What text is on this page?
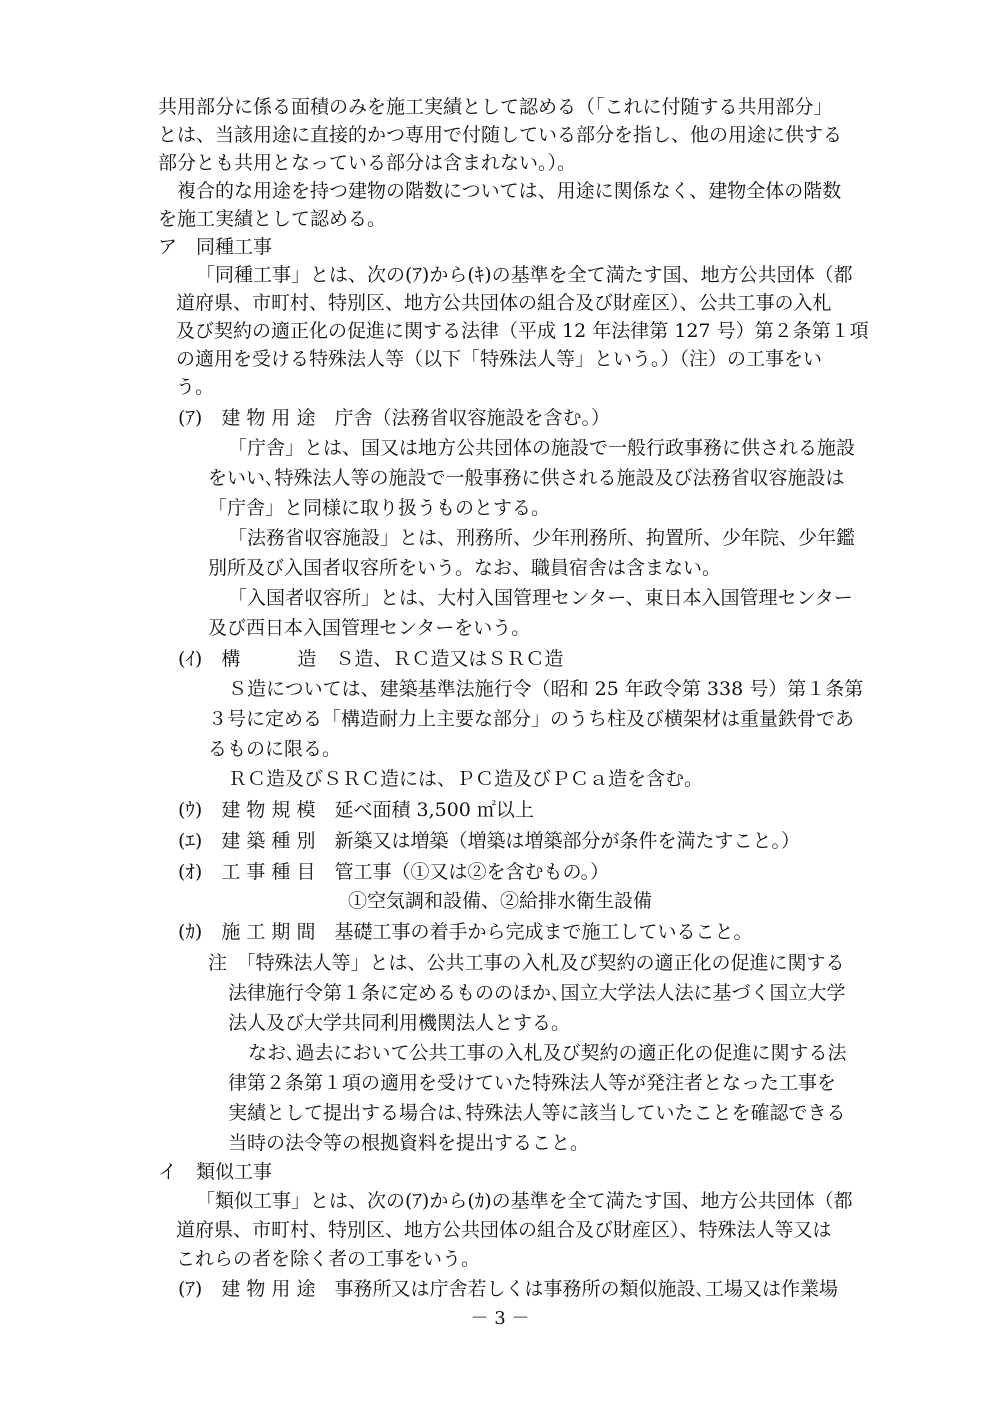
共用部分に係る面積のみを施工実績として認める（「これに付随する共用部分」
とは、当該用途に直接的かつ専用で付随している部分を指し、他の用途に供する
部分とも共用となっている部分は含まれない。）。
　複合的な用途を持つ建物の階数については、用途に関係なく、建物全体の階数
を施工実績として認める。
ア　同種工事
「同種工事」とは、次の(ｱ)から(ｷ)の基準を全て満たす国、地方公共団体（都
道府県、市町村、特別区、地方公共団体の組合及び財産区）、公共工事の入札
及び契約の適正化の促進に関する法律（平成 12 年法律第 127 号）第２条第１項
の適用を受ける特殊法人等（以下「特殊法人等」という。）（注）の工事をい
う。
(ｱ)　建 物 用 途　庁舎（法務省収容施設を含む。）
「庁舎」とは、国又は地方公共団体の施設で一般行政事務に供される施設
をいい､特殊法人等の施設で一般事務に供される施設及び法務省収容施設は
「庁舎」と同様に取り扱うものとする。
「法務省収容施設」とは、刑務所、少年刑務所、拘置所、少年院、少年鑑
別所及び入国者収容所をいう。なお、職員宿舎は含まない。
「入国者収容所」とは、大村入国管理センター、東日本入国管理センター
及び西日本入国管理センターをいう。
(ｲ)　構　　　造　Ｓ造、ＲＣ造又はＳＲＣ造
Ｓ造については、建築基準法施行令（昭和 25 年政令第 338 号）第１条第
３号に定める「構造耐力上主要な部分」のうち柱及び横架材は重量鉄骨であ
るものに限る。
ＲＣ造及びＳＲＣ造には、ＰＣ造及びＰＣａ造を含む。
(ｳ)　建 物 規 模　延べ面積 3,500 ㎡以上
(ｴ)　建 築 種 別　新築又は増築（増築は増築部分が条件を満たすこと。）
(ｵ)　工 事 種 目　管工事（①又は②を含むもの。）
①空気調和設備、②給排水衛生設備
(ｶ)　施 工 期 間　基礎工事の着手から完成まで施工していること。
注　「特殊法人等」とは、公共工事の入札及び契約の適正化の促進に関する
法律施行令第１条に定めるもののほか､国立大学法人法に基づく国立大学
法人及び大学共同利用機関法人とする。
なお､過去において公共工事の入札及び契約の適正化の促進に関する法
律第２条第１項の適用を受けていた特殊法人等が発注者となった工事を
実績として提出する場合は､特殊法人等に該当していたことを確認できる
当時の法令等の根拠資料を提出すること。
イ　類似工事
「類似工事」とは、次の(ｱ)から(ｶ)の基準を全て満たす国、地方公共団体（都
道府県、市町村、特別区、地方公共団体の組合及び財産区）、特殊法人等又は
これらの者を除く者の工事をいう。
(ｱ)　建 物 用 途　事務所又は庁舎若しくは事務所の類似施設､工場又は作業場
－ 3 －
